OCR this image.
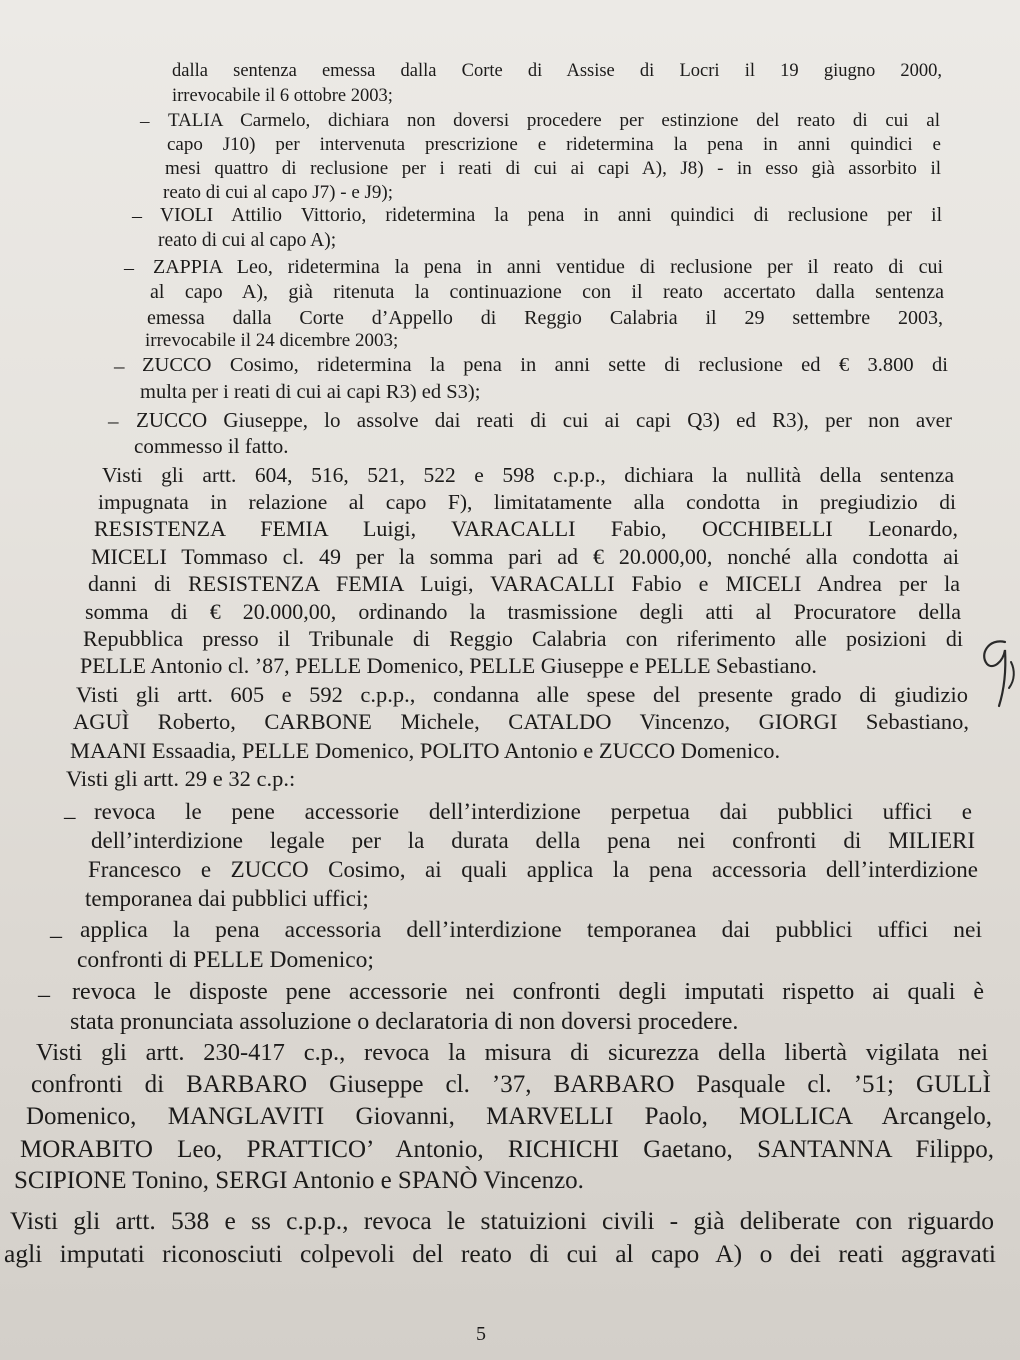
–
–
–
–
–
–
–
–
dalla sentenza emessa dalla Corte di Assise di Locri il 19 giugno 2000,
irrevocabile il 6 ottobre 2003;
TALIA Carmelo, dichiara non doversi procedere per estinzione del reato di cui al
capo J10) per intervenuta prescrizione e ridetermina la pena in anni quindici e
mesi quattro di reclusione per i reati di cui ai capi A), J8) - in esso già assorbito il
reato di cui al capo J7) - e J9);
VIOLI Attilio Vittorio, ridetermina la pena in anni quindici di reclusione per il
reato di cui al capo A);
ZAPPIA Leo, ridetermina la pena in anni ventidue di reclusione per il reato di cui
al capo A), già ritenuta la continuazione con il reato accertato dalla sentenza
emessa dalla Corte d’Appello di Reggio Calabria il 29 settembre 2003,
irrevocabile il 24 dicembre 2003;
ZUCCO Cosimo, ridetermina la pena in anni sette di reclusione ed € 3.800 di
multa per i reati di cui ai capi R3) ed S3);
ZUCCO Giuseppe, lo assolve dai reati di cui ai capi Q3) ed R3), per non aver
commesso il fatto.
Visti gli artt. 604, 516, 521, 522 e 598 c.p.p., dichiara la nullità della sentenza
impugnata in relazione al capo F), limitatamente alla condotta in pregiudizio di
RESISTENZA FEMIA Luigi, VARACALLI Fabio, OCCHIBELLI Leonardo,
MICELI Tommaso cl. 49 per la somma pari ad € 20.000,00, nonché alla condotta ai
danni di RESISTENZA FEMIA Luigi, VARACALLI Fabio e MICELI Andrea per la
somma di € 20.000,00, ordinando la trasmissione degli atti al Procuratore della
Repubblica presso il Tribunale di Reggio Calabria con riferimento alle posizioni di
PELLE Antonio cl. ’87, PELLE Domenico, PELLE Giuseppe e PELLE Sebastiano.
Visti gli artt. 605 e 592 c.p.p., condanna alle spese del presente grado di giudizio
AGUÌ Roberto, CARBONE Michele, CATALDO Vincenzo, GIORGI Sebastiano,
MAANI Essaadia, PELLE Domenico, POLITO Antonio e ZUCCO Domenico.
Visti gli artt. 29 e 32 c.p.:
revoca le pene accessorie dell’interdizione perpetua dai pubblici uffici e
dell’interdizione legale per la durata della pena nei confronti di MILIERI
Francesco e ZUCCO Cosimo, ai quali applica la pena accessoria dell’interdizione
temporanea dai pubblici uffici;
applica la pena accessoria dell’interdizione temporanea dai pubblici uffici nei
confronti di PELLE Domenico;
revoca le disposte pene accessorie nei confronti degli imputati rispetto ai quali è
stata pronunciata assoluzione o declaratoria di non doversi procedere.
Visti gli artt. 230-417 c.p., revoca la misura di sicurezza della libertà vigilata nei
confronti di BARBARO Giuseppe cl. ’37, BARBARO Pasquale cl. ’51; GULLÌ
Domenico, MANGLAVITI Giovanni, MARVELLI Paolo, MOLLICA Arcangelo,
MORABITO Leo, PRATTICO’ Antonio, RICHICHI Gaetano, SANTANNA Filippo,
SCIPIONE Tonino, SERGI Antonio e SPANÒ Vincenzo.
Visti gli artt. 538 e ss c.p.p., revoca le statuizioni civili - già deliberate con riguardo
agli imputati riconosciuti colpevoli del reato di cui al capo A) o dei reati aggravati
5
